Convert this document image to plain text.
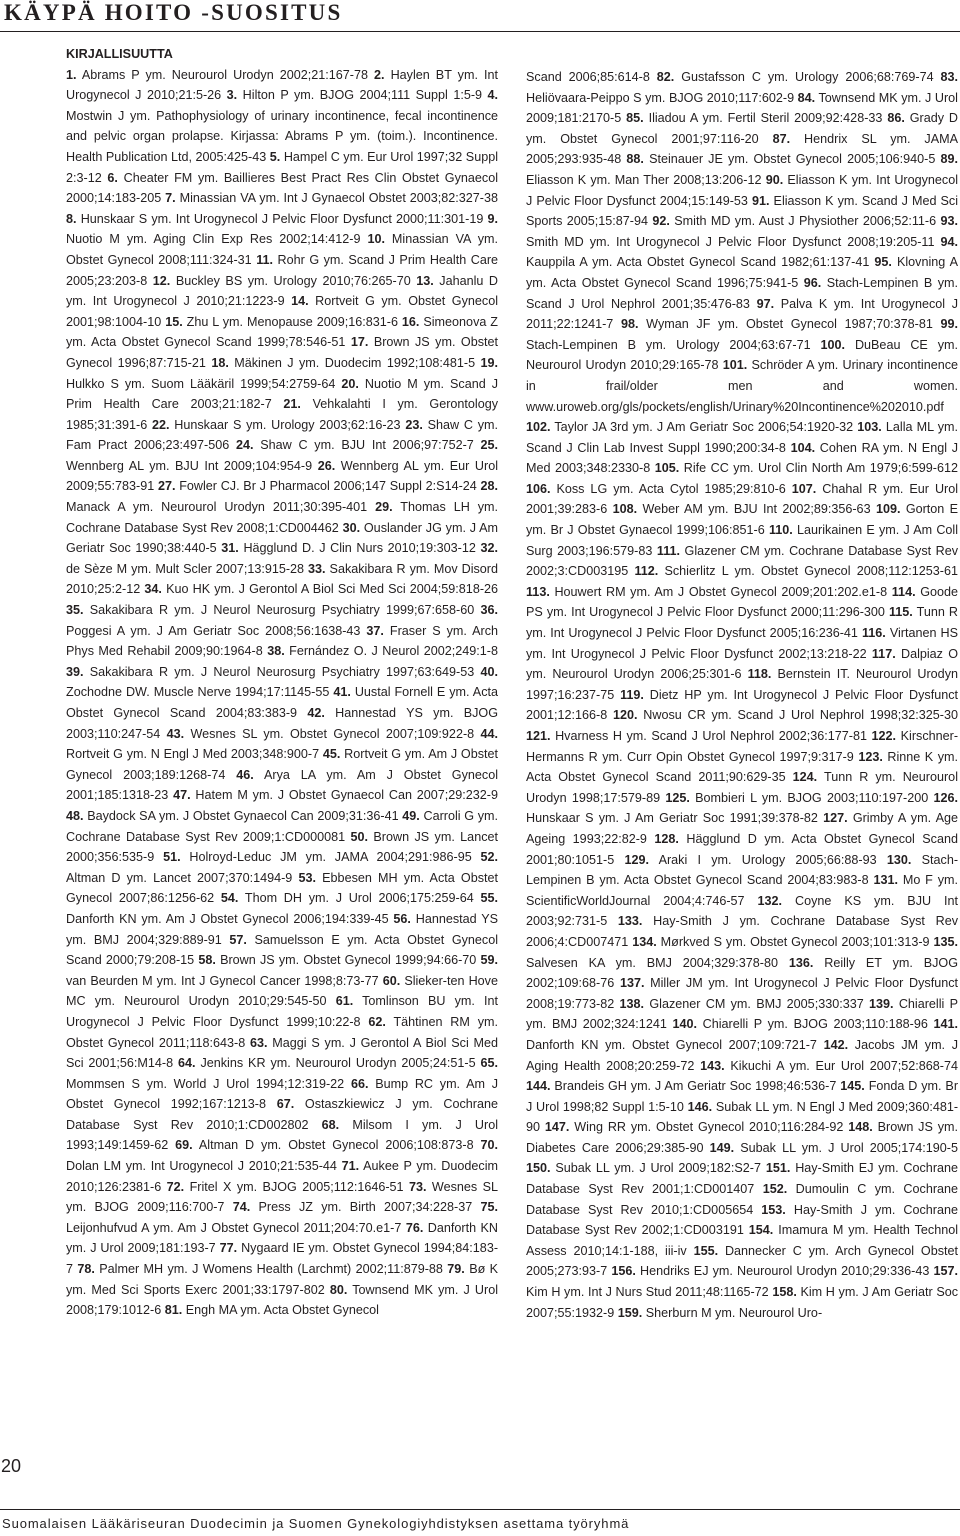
KÄYPÄ HOITO -SUOSITUS
KIRJALLISUUTTA

1. Abrams P ym. Neurourol Urodyn 2002;21:167-78 2. Haylen BT ym. Int Urogynecol J 2010;21:5-26 3. Hilton P ym. BJOG 2004;111 Suppl 1:5-9 4. Mostwin J ym. Pathophysiology of urinary incontinence, fecal incontinence and pelvic organ prolapse. Kirjassa: Abrams P ym. (toim.). Incontinence. Health Publication Ltd, 2005:425-43 5. Hampel C ym. Eur Urol 1997;32 Suppl 2:3-12 6. Cheater FM ym. Baillieres Best Pract Res Clin Obstet Gynaecol 2000;14:183-205 7. Minassian VA ym. Int J Gynaecol Obstet 2003;82:327-38 8. Hunskaar S ym. Int Urogynecol J Pelvic Floor Dysfunct 2000;11:301-19 9. Nuotio M ym. Aging Clin Exp Res 2002;14:412-9 10. Minassian VA ym. Obstet Gynecol 2008;111:324-31 11. Rohr G ym. Scand J Prim Health Care 2005;23:203-8 12. Buckley BS ym. Urology 2010;76:265-70 13. Jahanlu D ym. Int Urogynecol J 2010;21:1223-9 14. Rortveit G ym. Obstet Gynecol 2001;98:1004-10 15. Zhu L ym. Menopause 2009;16:831-6 16. Simeonova Z ym. Acta Obstet Gynecol Scand 1999;78:546-51 17. Brown JS ym. Obstet Gynecol 1996;87:715-21 18. Mäkinen J ym. Duodecim 1992;108:481-5 19. Hulkko S ym. Suom Lääkäril 1999;54:2759-64 20. Nuotio M ym. Scand J Prim Health Care 2003;21:182-7 21. Vehkalahti I ym. Gerontology 1985;31:391-6 22. Hunskaar S ym. Urology 2003;62:16-23 23. Shaw C ym. Fam Pract 2006;23:497-506 24. Shaw C ym. BJU Int 2006;97:752-7 25. Wennberg AL ym. BJU Int 2009;104:954-9 26. Wennberg AL ym. Eur Urol 2009;55:783-91 27. Fowler CJ. Br J Pharmacol 2006;147 Suppl 2:S14-24 28. Manack A ym. Neurourol Urodyn 2011;30:395-401 29. Thomas LH ym. Cochrane Database Syst Rev 2008;1:CD004462 30. Ouslander JG ym. J Am Geriatr Soc 1990;38:440-5 31. Hägglund D. J Clin Nurs 2010;19:303-12 32. de Sèze M ym. Mult Scler 2007;13:915-28 33. Sakakibara R ym. Mov Disord 2010;25:2-12 34. Kuo HK ym. J Gerontol A Biol Sci Med Sci 2004;59:818-26 35. Sakakibara R ym. J Neurol Neurosurg Psychiatry 1999;67:658-60 36. Poggesi A ym. J Am Geriatr Soc 2008;56:1638-43 37. Fraser S ym. Arch Phys Med Rehabil 2009;90:1964-8 38. Fernández O. J Neurol 2002;249:1-8 39. Sakakibara R ym. J Neurol Neurosurg Psychiatry 1997;63:649-53 40. Zochodne DW. Muscle Nerve 1994;17:1145-55 41. Uustal Fornell E ym. Acta Obstet Gynecol Scand 2004;83:383-9 42. Hannestad YS ym. BJOG 2003;110:247-54 43. Wesnes SL ym. Obstet Gynecol 2007;109:922-8 44. Rortveit G ym. N Engl J Med 2003;348:900-7 45. Rortveit G ym. Am J Obstet Gynecol 2003;189:1268-74 46. Arya LA ym. Am J Obstet Gynecol 2001;185:1318-23 47. Hatem M ym. J Obstet Gynaecol Can 2007;29:232-9 48. Baydock SA ym. J Obstet Gynaecol Can 2009;31:36-41 49. Carroli G ym. Cochrane Database Syst Rev 2009;1:CD000081 50. Brown JS ym. Lancet 2000;356:535-9 51. Holroyd-Leduc JM ym. JAMA 2004;291:986-95 52. Altman D ym. Lancet 2007;370:1494-9 53. Ebbesen MH ym. Acta Obstet Gynecol 2007;86:1256-62 54. Thom DH ym. J Urol 2006;175:259-64 55. Danforth KN ym. Am J Obstet Gynecol 2006;194:339-45 56. Hannestad YS ym. BMJ 2004;329:889-91 57. Samuelsson E ym. Acta Obstet Gynecol Scand 2000;79:208-15 58. Brown JS ym. Obstet Gynecol 1999;94:66-70 59. van Beurden M ym. Int J Gynecol Cancer 1998;8:73-77 60. Slieker-ten Hove MC ym. Neurourol Urodyn 2010;29:545-50 61. Tomlinson BU ym. Int Urogynecol J Pelvic Floor Dysfunct 1999;10:22-8 62. Tähtinen RM ym. Obstet Gynecol 2011;118:643-8 63. Maggi S ym. J Gerontol A Biol Sci Med Sci 2001;56:M14-8 64. Jenkins KR ym. Neurourol Urodyn 2005;24:51-5 65. Mommsen S ym. World J Urol 1994;12:319-22 66. Bump RC ym. Am J Obstet Gynecol 1992;167:1213-8 67. Ostaszkiewicz J ym. Cochrane Database Syst Rev 2010;1:CD002802 68. Milsom I ym. J Urol 1993;149:1459-62 69. Altman D ym. Obstet Gynecol 2006;108:873-8 70. Dolan LM ym. Int Urogynecol J 2010;21:535-44 71. Aukee P ym. Duodecim 2010;126:2381-6 72. Fritel X ym. BJOG 2005;112:1646-51 73. Wesnes SL ym. BJOG 2009;116:700-7 74. Press JZ ym. Birth 2007;34:228-37 75. Leijonhufvud A ym. Am J Obstet Gynecol 2011;204:70.e1-7 76. Danforth KN ym. J Urol 2009;181:193-7 77. Nygaard IE ym. Obstet Gynecol 1994;84:183-7 78. Palmer MH ym. J Womens Health (Larchmt) 2002;11:879-88 79. Bø K ym. Med Sci Sports Exerc 2001;33:1797-802 80. Townsend MK ym. J Urol 2008;179:1012-6 81. Engh MA ym. Acta Obstet Gynecol

Scand 2006;85:614-8 82. Gustafsson C ym. Urology 2006;68:769-74 83. Heliövaara-Peippo S ym. BJOG 2010;117:602-9 84. Townsend MK ym. J Urol 2009;181:2170-5 85. Iliadou A ym. Fertil Steril 2009;92:428-33 86. Grady D ym. Obstet Gynecol 2001;97:116-20 87. Hendrix SL ym. JAMA 2005;293:935-48 88. Steinauer JE ym. Obstet Gynecol 2005;106:940-5 89. Eliasson K ym. Man Ther 2008;13:206-12 90. Eliasson K ym. Int Urogynecol J Pelvic Floor Dysfunct 2004;15:149-53 91. Eliasson K ym. Scand J Med Sci Sports 2005;15:87-94 92. Smith MD ym. Aust J Physiother 2006;52:11-6 93. Smith MD ym. Int Urogynecol J Pelvic Floor Dysfunct 2008;19:205-11 94. Kauppila A ym. Acta Obstet Gynecol Scand 1982;61:137-41 95. Klovning A ym. Acta Obstet Gynecol Scand 1996;75:941-5 96. Stach-Lempinen B ym. Scand J Urol Nephrol 2001;35:476-83 97. Palva K ym. Int Urogynecol J 2011;22:1241-7 98. Wyman JF ym. Obstet Gynecol 1987;70:378-81 99. Stach-Lempinen B ym. Urology 2004;63:67-71 100. DuBeau CE ym. Neurourol Urodyn 2010;29:165-78 101. Schröder A ym. Urinary incontinence in frail/older men and women. www.uroweb.org/gls/pockets/english/Urinary%20Incontinence%202010.pdf 102. Taylor JA 3rd ym. J Am Geriatr Soc 2006;54:1920-32 103. Lalla ML ym. Scand J Clin Lab Invest Suppl 1990;200:34-8 104. Cohen RA ym. N Engl J Med 2003;348:2330-8 105. Rife CC ym. Urol Clin North Am 1979;6:599-612 106. Koss LG ym. Acta Cytol 1985;29:810-6 107. Chahal R ym. Eur Urol 2001;39:283-6 108. Weber AM ym. BJU Int 2002;89:356-63 109. Gorton E ym. Br J Obstet Gynaecol 1999;106:851-6 110. Laurikainen E ym. J Am Coll Surg 2003;196:579-83 111. Glazener CM ym. Cochrane Database Syst Rev 2002;3:CD003195 112. Schierlitz L ym. Obstet Gynecol 2008;112:1253-61 113. Houwert RM ym. Am J Obstet Gynecol 2009;201:202.e1-8 114. Goode PS ym. Int Urogynecol J Pelvic Floor Dysfunct 2000;11:296-300 115. Tunn R ym. Int Urogynecol J Pelvic Floor Dysfunct 2005;16:236-41 116. Virtanen HS ym. Int Urogynecol J Pelvic Floor Dysfunct 2002;13:218-22 117. Dalpiaz O ym. Neurourol Urodyn 2006;25:301-6 118. Bernstein IT. Neurourol Urodyn 1997;16:237-75 119. Dietz HP ym. Int Urogynecol J Pelvic Floor Dysfunct 2001;12:166-8 120. Nwosu CR ym. Scand J Urol Nephrol 1998;32:325-30 121. Hvarness H ym. Scand J Urol Nephrol 2002;36:177-81 122. Kirschner-Hermanns R ym. Curr Opin Obstet Gynecol 1997;9:317-9 123. Rinne K ym. Acta Obstet Gynecol Scand 2011;90:629-35 124. Tunn R ym. Neurourol Urodyn 1998;17:579-89 125. Bombieri L ym. BJOG 2003;110:197-200 126. Hunskaar S ym. J Am Geriatr Soc 1991;39:378-82 127. Grimby A ym. Age Ageing 1993;22:82-9 128. Hägglund D ym. Acta Obstet Gynecol Scand 2001;80:1051-5 129. Araki I ym. Urology 2005;66:88-93 130. Stach-Lempinen B ym. Acta Obstet Gynecol Scand 2004;83:983-8 131. Mo F ym. ScientificWorldJournal 2004;4:746-57 132. Coyne KS ym. BJU Int 2003;92:731-5 133. Hay-Smith J ym. Cochrane Database Syst Rev 2006;4:CD007471 134. Mørkved S ym. Obstet Gynecol 2003;101:313-9 135. Salvesen KA ym. BMJ 2004;329:378-80 136. Reilly ET ym. BJOG 2002;109:68-76 137. Miller JM ym. Int Urogynecol J Pelvic Floor Dysfunct 2008;19:773-82 138. Glazener CM ym. BMJ 2005;330:337 139. Chiarelli P ym. BMJ 2002;324:1241 140. Chiarelli P ym. BJOG 2003;110:188-96 141. Danforth KN ym. Obstet Gynecol 2007;109:721-7 142. Jacobs JM ym. J Aging Health 2008;20:259-72 143. Kikuchi A ym. Eur Urol 2007;52:868-74 144. Brandeis GH ym. J Am Geriatr Soc 1998;46:536-7 145. Fonda D ym. Br J Urol 1998;82 Suppl 1:5-10 146. Subak LL ym. N Engl J Med 2009;360:481-90 147. Wing RR ym. Obstet Gynecol 2010;116:284-92 148. Brown JS ym. Diabetes Care 2006;29:385-90 149. Subak LL ym. J Urol 2005;174:190-5 150. Subak LL ym. J Urol 2009;182:S2-7 151. Hay-Smith EJ ym. Cochrane Database Syst Rev 2001;1:CD001407 152. Dumoulin C ym. Cochrane Database Syst Rev 2010;1:CD005654 153. Hay-Smith J ym. Cochrane Database Syst Rev 2002;1:CD003191 154. Imamura M ym. Health Technol Assess 2010;14:1-188, iii-iv 155. Dannecker C ym. Arch Gynecol Obstet 2005;273:93-7 156. Hendriks EJ ym. Neurourol Urodyn 2010;29:336-43 157. Kim H ym. Int J Nurs Stud 2011;48:1165-72 158. Kim H ym. J Am Geriatr Soc 2007;55:1932-9 159. Sherburn M ym. Neurourol Uro-

20
Suomalaisen Lääkäriseuran Duodecimin ja Suomen Gynekologiyhdistyksen asettama työryhmä
